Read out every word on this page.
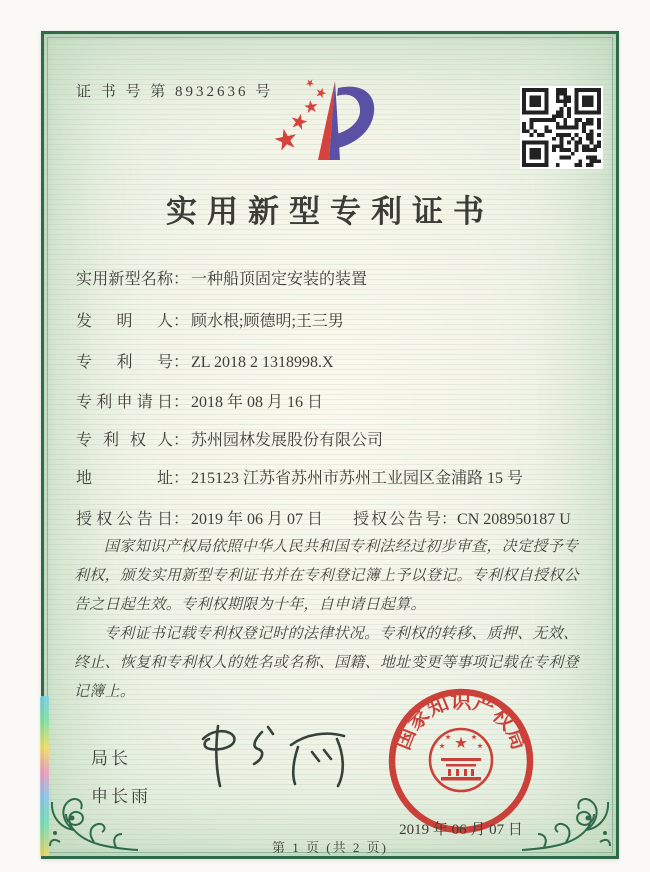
证 书 号 第 8932636 号
实用新型专利证书
实 用 新 型 名 称 ： 一种船顶固定安装的装置
发 明 人 ： 顾水根;顾德明;王三男
专 利 号 ： ZL 2018 2 1318998.X
专 利 申 请 日 ： 2018 年 08 月 16 日
专 利 权 人 ： 苏州园林发展股份有限公司
地	址 ： 215123 江苏省苏州市苏州工业园区金浦路 15 号
授 权 公 告 日 ： 2019 年 06 月 07 日 授 权 公 告 号 ：CN 208950187 U

国家知识产权局依照中华人民共和国专利法经过初步审查，决定授予专利权，颁发实用新型专利证书并在专利登记簿上予以登记。专利权自授权公告之日起生效。专利权期限为十年，自申请日起算。

专利证书记载专利权登记时的法律状况。专利权的转移、质押、无效、终止、恢复和专利权人的姓名或名称、国籍、地址变更等事项记载在专利登记簿上。

局长
申长雨
国家知识产权局
2019 年 06 月 07 日
第 1 页 (共 2 页)
